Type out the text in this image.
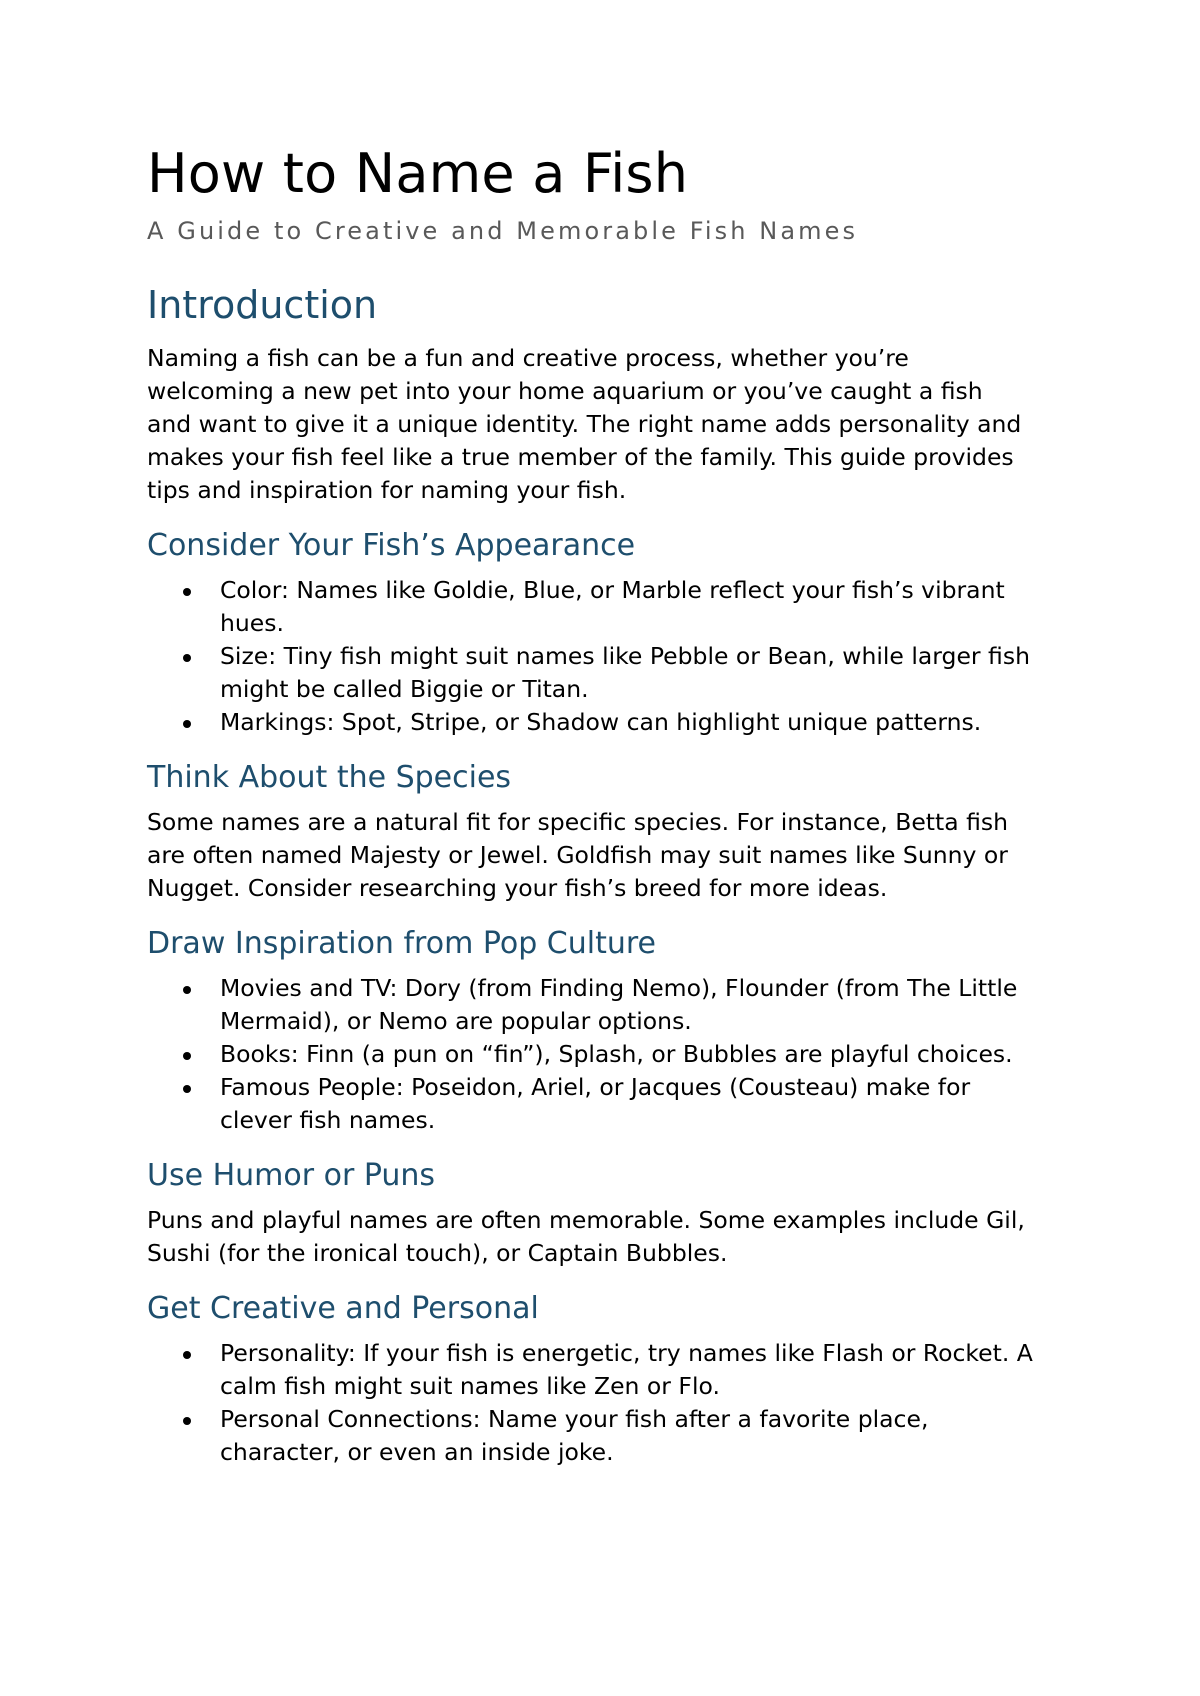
How to Name a Fish
A Guide to Creative and Memorable Fish Names
Introduction

Naming a fish can be a fun and creative process, whether you’re
welcoming a new pet into your home aquarium or you’ve caught a fish
and want to give it a unique identity. The right name adds personality and
makes your fish feel like a true member of the family. This guide provides
tips and inspiration for naming your fish.

Consider Your Fish’s Appearance
Color: Names like Goldie, Blue, or Marble reflect your fish’s vibrant
hues.
Size: Tiny fish might suit names like Pebble or Bean, while larger fish
might be called Biggie or Titan.
Markings: Spot, Stripe, or Shadow can highlight unique patterns.
Think About the Species

Some names are a natural fit for specific species. For instance, Betta fish
are often named Majesty or Jewel. Goldfish may suit names like Sunny or
Nugget. Consider researching your fish’s breed for more ideas.

Draw Inspiration from Pop Culture
Movies and TV: Dory (from Finding Nemo), Flounder (from The Little
Mermaid), or Nemo are popular options.
Books: Finn (a pun on “fin”), Splash, or Bubbles are playful choices.
Famous People: Poseidon, Ariel, or Jacques (Cousteau) make for
clever fish names.
Use Humor or Puns

Puns and playful names are often memorable. Some examples include Gil,
Sushi (for the ironical touch), or Captain Bubbles.

Get Creative and Personal
Personality: If your fish is energetic, try names like Flash or Rocket. A
calm fish might suit names like Zen or Flo.
Personal Connections: Name your fish after a favorite place,
character, or even an inside joke.
